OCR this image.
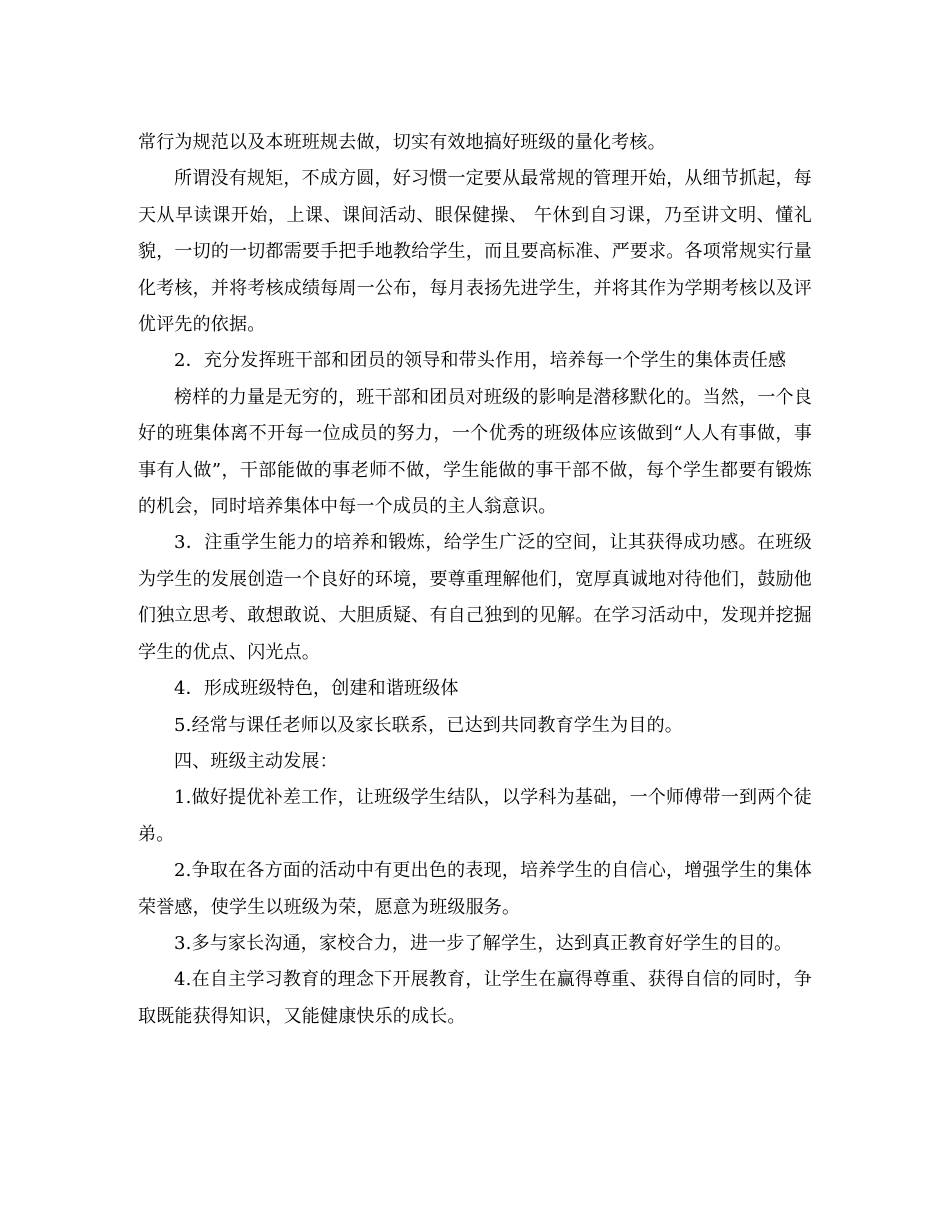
常行为规范以及本班班规去做，切实有效地搞好班级的量化考核。

所谓没有规矩，不成方圆，好习惯一定要从最常规的管理开始，从细节抓起，每天从早读课开始，上课、课间活动、眼保健操、 午休到自习课，乃至讲文明、懂礼貌，一切的一切都需要手把手地教给学生，而且要高标准、严要求。各项常规实行量化考核，并将考核成绩每周一公布，每月表扬先进学生，并将其作为学期考核以及评优评先的依据。

2．充分发挥班干部和团员的领导和带头作用，培养每一个学生的集体责任感

榜样的力量是无穷的，班干部和团员对班级的影响是潜移默化的。当然，一个良好的班集体离不开每一位成员的努力，一个优秀的班级体应该做到“人人有事做，事事有人做”，干部能做的事老师不做，学生能做的事干部不做，每个学生都要有锻炼的机会，同时培养集体中每一个成员的主人翁意识。

3．注重学生能力的培养和锻炼，给学生广泛的空间，让其获得成功感。在班级为学生的发展创造一个良好的环境，要尊重理解他们，宽厚真诚地对待他们，鼓励他们独立思考、敢想敢说、大胆质疑、有自己独到的见解。在学习活动中，发现并挖掘学生的优点、闪光点。

4．形成班级特色，创建和谐班级体

5.经常与课任老师以及家长联系，已达到共同教育学生为目的。

四、班级主动发展：

1.做好提优补差工作，让班级学生结队，以学科为基础，一个师傅带一到两个徒弟。

2.争取在各方面的活动中有更出色的表现，培养学生的自信心，增强学生的集体荣誉感，使学生以班级为荣，愿意为班级服务。

3.多与家长沟通，家校合力，进一步了解学生，达到真正教育好学生的目的。

4.在自主学习教育的理念下开展教育，让学生在赢得尊重、获得自信的同时，争取既能获得知识，又能健康快乐的成长。
